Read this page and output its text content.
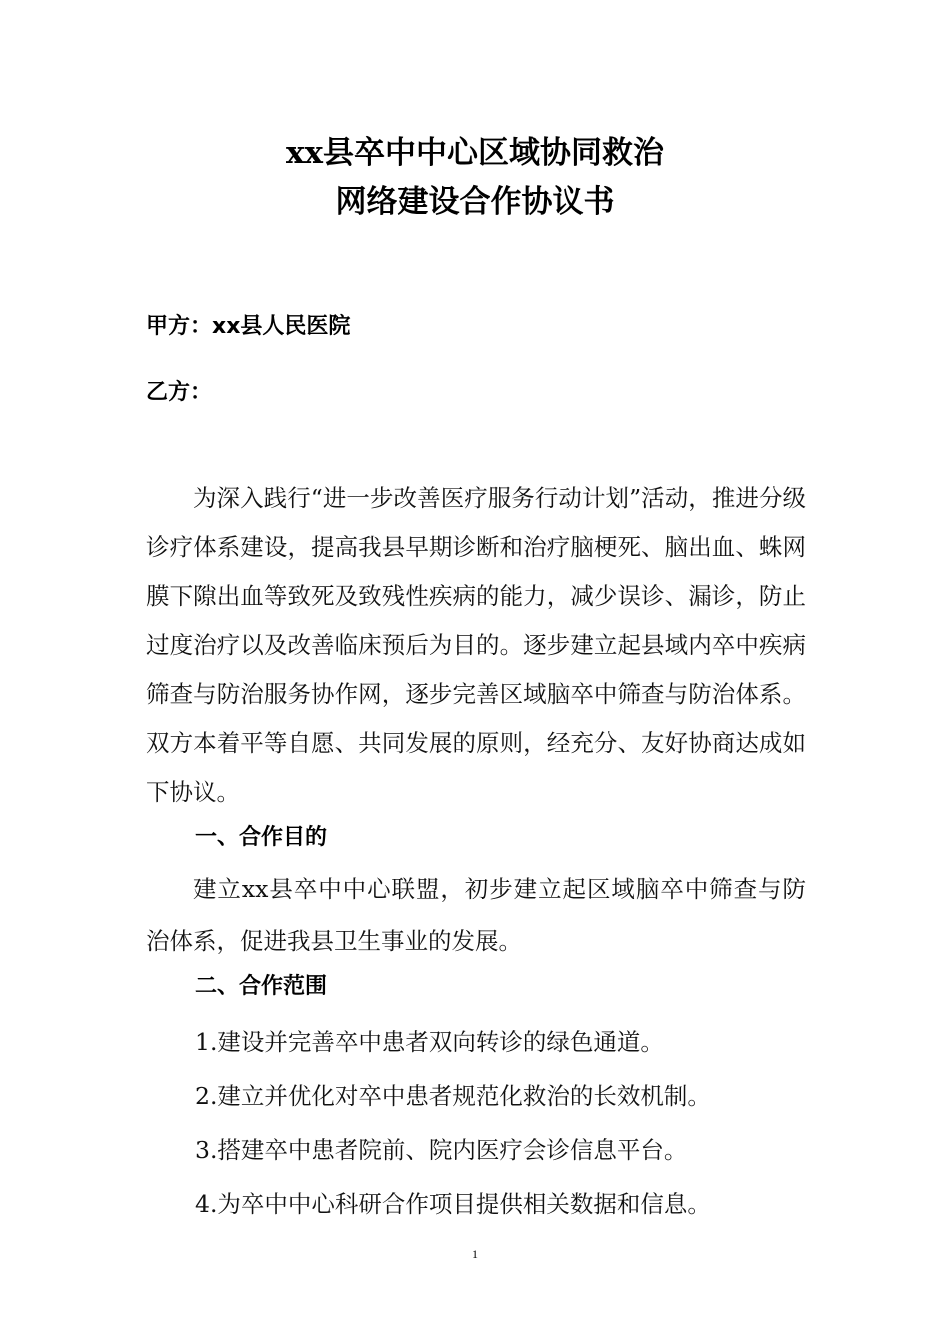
xx县卒中中心区域协同救治
网络建设合作协议书
甲方：xx县人民医院
乙方：

为深入践行“进一步改善医疗服务行动计划”活动，推进分级诊疗体系建设，提高我县早期诊断和治疗脑梗死、脑出血、蛛网膜下隙出血等致死及致残性疾病的能力，减少误诊、漏诊，防止过度治疗以及改善临床预后为目的。逐步建立起县域内卒中疾病筛查与防治服务协作网，逐步完善区域脑卒中筛查与防治体系。双方本着平等自愿、共同发展的原则，经充分、友好协商达成如下协议。

一、合作目的

建立xx县卒中中心联盟，初步建立起区域脑卒中筛查与防治体系，促进我县卫生事业的发展。

二、合作范围
1.建设并完善卒中患者双向转诊的绿色通道。
2.建立并优化对卒中患者规范化救治的长效机制。
3.搭建卒中患者院前、院内医疗会诊信息平台。
4.为卒中中心科研合作项目提供相关数据和信息。
1
